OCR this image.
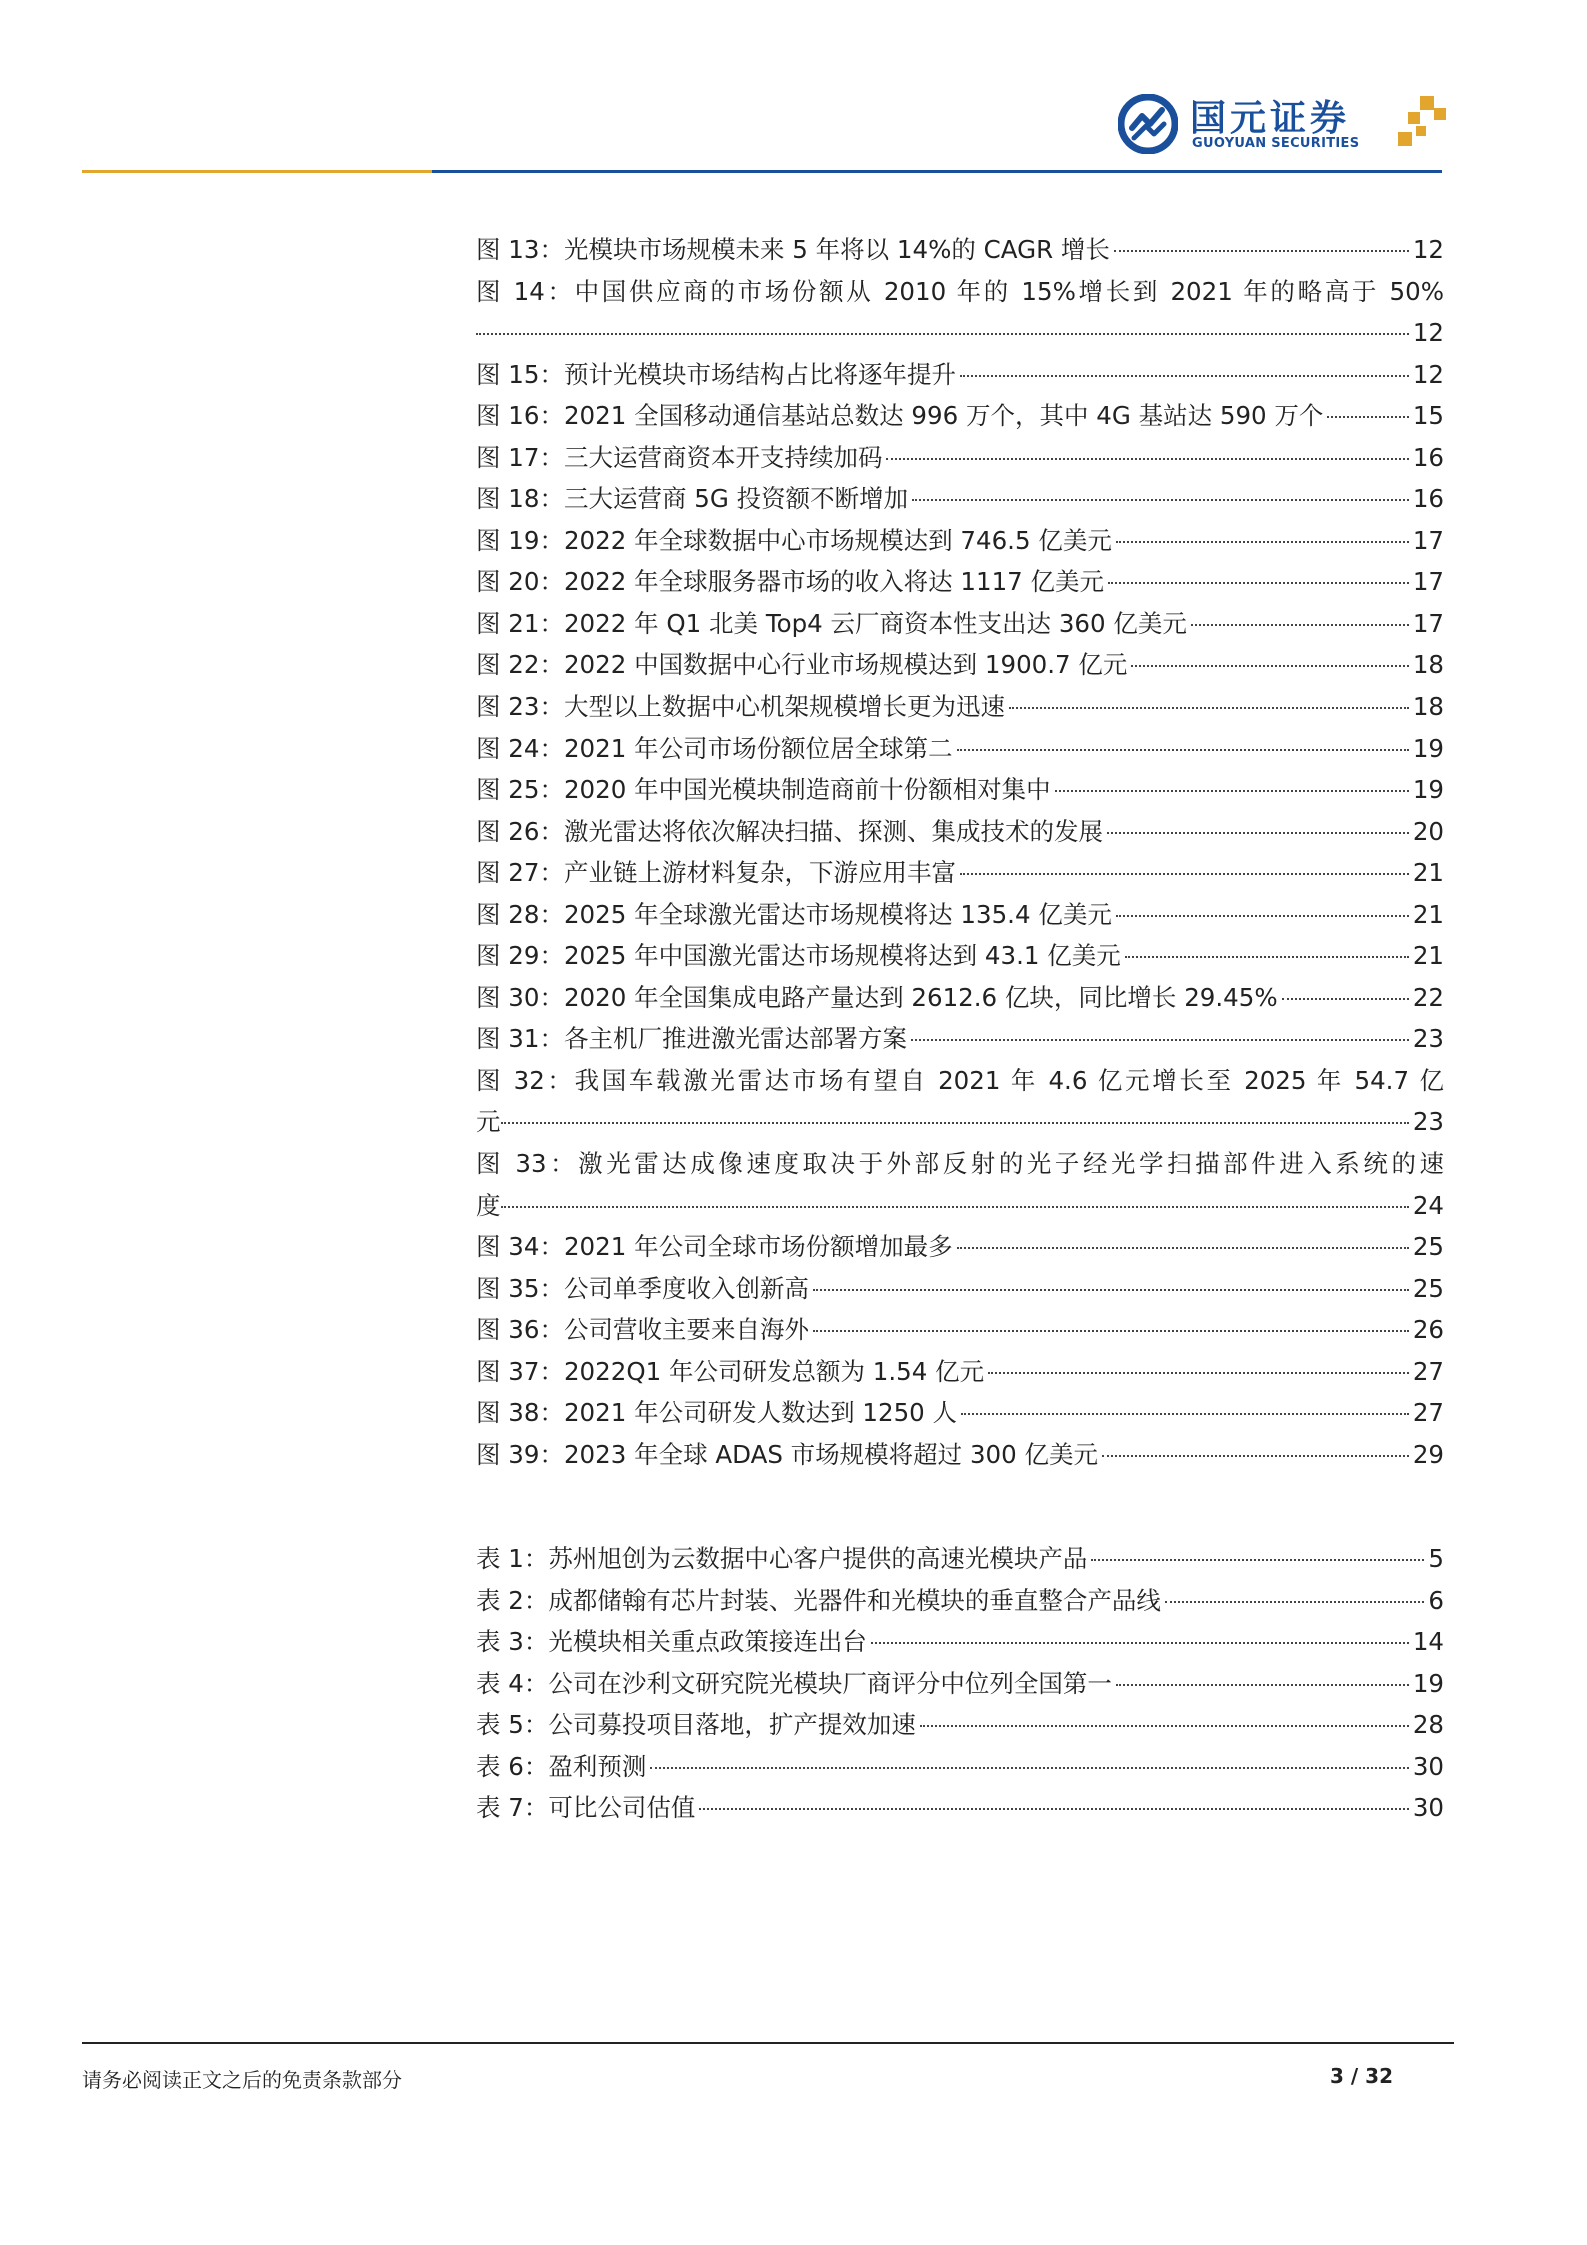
国元证券
GUOYUAN SECURITIES
图 13：光模块市场规模未来 5 年将以 14%的 CAGR 增长	12
图 14：中国供应商的市场份额从 2010 年的 15%增长到 2021 年的略高于 50%
12
图 15：预计光模块市场结构占比将逐年提升	12
图 16：2021 全国移动通信基站总数达 996 万个，其中 4G 基站达 590 万个	15
图 17：三大运营商资本开支持续加码	16
图 18：三大运营商 5G 投资额不断增加	16
图 19：2022 年全球数据中心市场规模达到 746.5 亿美元	17
图 20：2022 年全球服务器市场的收入将达 1117 亿美元	17
图 21：2022 年 Q1 北美 Top4 云厂商资本性支出达 360 亿美元	17
图 22：2022 中国数据中心行业市场规模达到 1900.7 亿元	18
图 23：大型以上数据中心机架规模增长更为迅速	18
图 24：2021 年公司市场份额位居全球第二	19
图 25：2020 年中国光模块制造商前十份额相对集中	19
图 26：激光雷达将依次解决扫描、探测、集成技术的发展	20
图 27：产业链上游材料复杂，下游应用丰富	21
图 28：2025 年全球激光雷达市场规模将达 135.4 亿美元	21
图 29：2025 年中国激光雷达市场规模将达到 43.1 亿美元	21
图 30：2020 年全国集成电路产量达到 2612.6 亿块，同比增长 29.45%	22
图 31：各主机厂推进激光雷达部署方案	23
图 32：我国车载激光雷达市场有望自 2021 年 4.6 亿元增长至 2025 年 54.7 亿
元	23
图 33：激光雷达成像速度取决于外部反射的光子经光学扫描部件进入系统的速
度	24
图 34：2021 年公司全球市场份额增加最多	25
图 35：公司单季度收入创新高	25
图 36：公司营收主要来自海外	26
图 37：2022Q1 年公司研发总额为 1.54 亿元	27
图 38：2021 年公司研发人数达到 1250 人	27
图 39：2023 年全球 ADAS 市场规模将超过 300 亿美元	29
表 1：苏州旭创为云数据中心客户提供的高速光模块产品	5
表 2：成都储翰有芯片封装、光器件和光模块的垂直整合产品线	6
表 3：光模块相关重点政策接连出台	14
表 4：公司在沙利文研究院光模块厂商评分中位列全国第一	19
表 5：公司募投项目落地，扩产提效加速	28
表 6：盈利预测	30
表 7：可比公司估值	30
请务必阅读正文之后的免责条款部分	3 / 32
